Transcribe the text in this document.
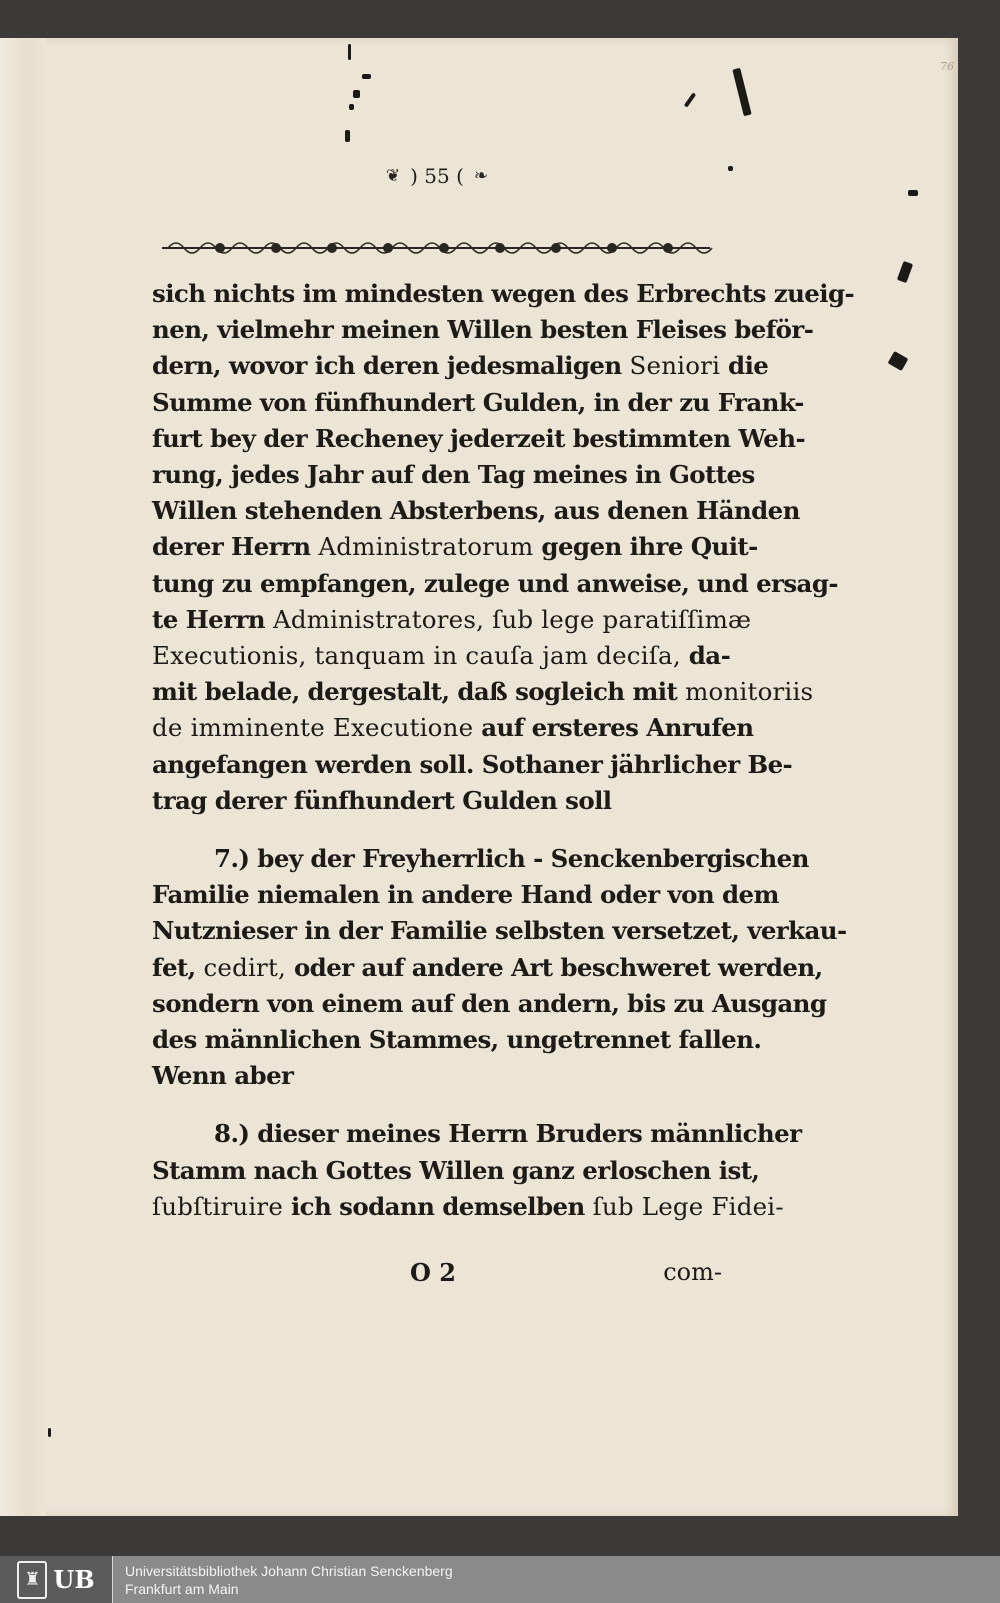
76
❦ ) 55 ( ❧
sich nichts im mindesten wegen des Erbrechts zueig-
nen, vielmehr meinen Willen besten Fleises beför-
dern, wovor ich deren jedesmaligen Seniori die
Summe von fünfhundert Gulden, in der zu Frank-
furt bey der Recheney jederzeit bestimmten Weh-
rung, jedes Jahr auf den Tag meines in Gottes
Willen stehenden Absterbens, aus denen Händen
derer Herrn Administratorum gegen ihre Quit-
tung zu empfangen, zulege und anweise, und ersag-
te Herrn Administratores, ſub lege paratiſſimæ
Executionis, tanquam in cauſa jam deciſa, da-
mit belade, dergestalt, daß sogleich mit monitoriis
de imminente Executione auf ersteres Anrufen
angefangen werden soll. Sothaner jährlicher Be-
trag derer fünfhundert Gulden soll
7.) bey der Freyherrlich - Senckenbergischen
Familie niemalen in andere Hand oder von dem
Nutznieser in der Familie selbsten versetzet, verkau-
fet, cedirt, oder auf andere Art beschweret werden,
sondern von einem auf den andern, bis zu Ausgang
des männlichen Stammes, ungetrennet fallen.
Wenn aber
8.) dieser meines Herrn Bruders männlicher
Stamm nach Gottes Willen ganz erloschen ist,
ſubſtiruire ich sodann demselben ſub Lege Fidei-
O 2	com-
♜ UB Universitätsbibliothek Johann Christian Senckenberg
Frankfurt am Main
